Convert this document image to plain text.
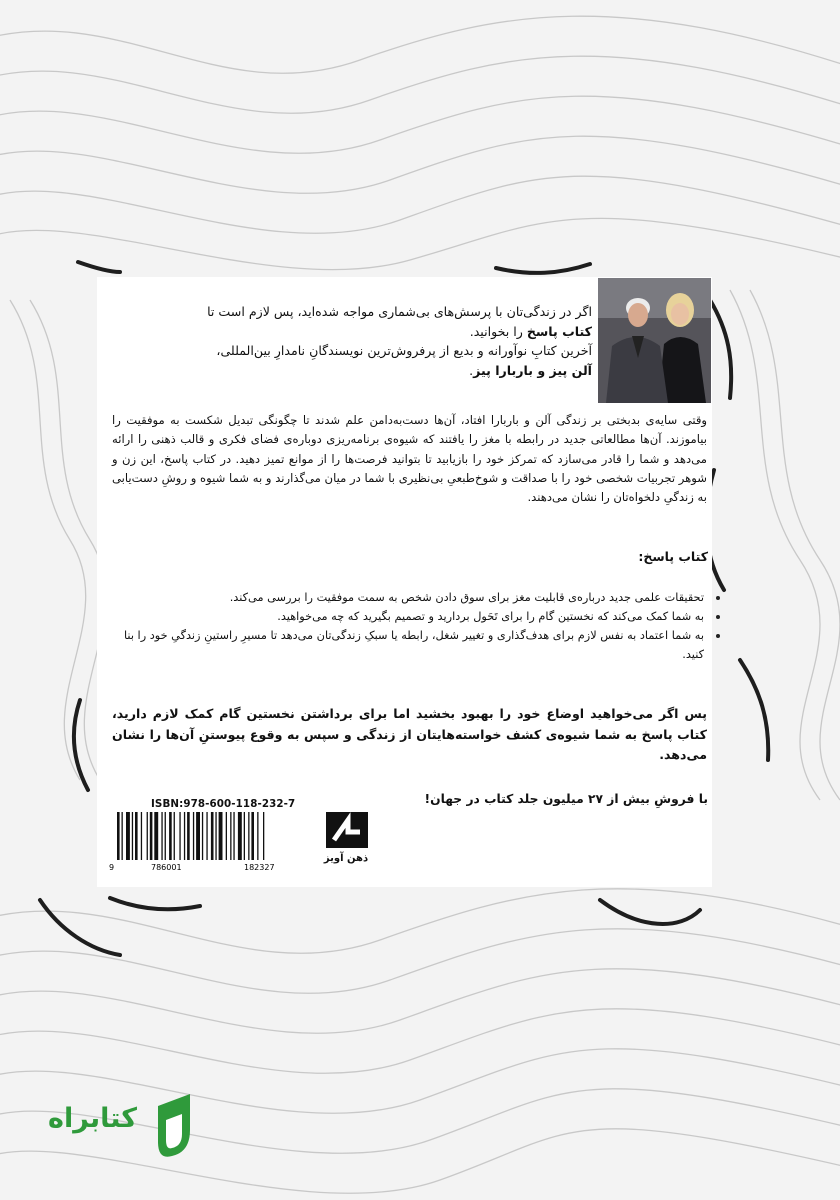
اگر در زندگی‌تان با پرسش‌های بی‌شماری مواجه شده‌اید، پس لازم است تا
کتاب پاسخ را بخوانید.
آخرین کتابِ نوآورانه و بدیع از پرفروش‌ترین نویسندگانِ نامدارِ بین‌المللی،
آلن پیز و باربارا پیز.

وقتی سایه‌ی بدبختی بر زندگی آلن و باربارا افتاد، آن‌ها دست‌به‌دامن علم شدند تا چگونگی تبدیل شکست به موفقیت را بیاموزند. آن‌ها مطالعاتی جدید در رابطه با مغز را یافتند که شیوه‌ی برنامه‌ریزی دوباره‌ی فضای فکری و قالب ذهنی را ارائه می‌دهد و شما را قادر می‌سازد که تمرکز خود را بازیابید تا بتوانید فرصت‌ها را از موانع تمیز دهید. در کتاب پاسخ، این زن و شوهر تجربیات شخصی خود را با صداقت و شوخ‌طبعیِ بی‌نظیری با شما در میان می‌گذارند و به شما شیوه و روشِ دست‌یابی به زندگیِ دلخواه‌تان را نشان می‌دهند.

کتاب پاسخ:

تحقیقات علمی جدید درباره‌ی قابلیت مغز برای سوق دادن شخص به سمت موفقیت را بررسی می‌کند.
به شما کمک می‌کند که نخستین گام را برای تَحَول بردارید و تصمیم بگیرید که چه می‌خواهید.
به شما اعتماد به نفس لازم برای هدف‌گذاری و تغییر شغل، رابطه یا سبکِ زندگی‌تان می‌دهد تا مسیرِ راستینِ زندگیِ خود را بنا کنید.

پس اگر می‌خواهید اوضاع خود را بهبود بخشید اما برای برداشتن نخستین گام کمک لازم دارید، کتاب پاسخ به شما شیوه‌ی کشف خواسته‌هایتان از زندگی و سپس به وقوع پیوستنِ آن‌ها را نشان می‌دهد.

با فروشِ بیش از ۲۷ میلیون جلد کتاب در جهان!

ISBN:978-600-118-232-7
9	786001	182327
ذهن آویز
کتابراه
